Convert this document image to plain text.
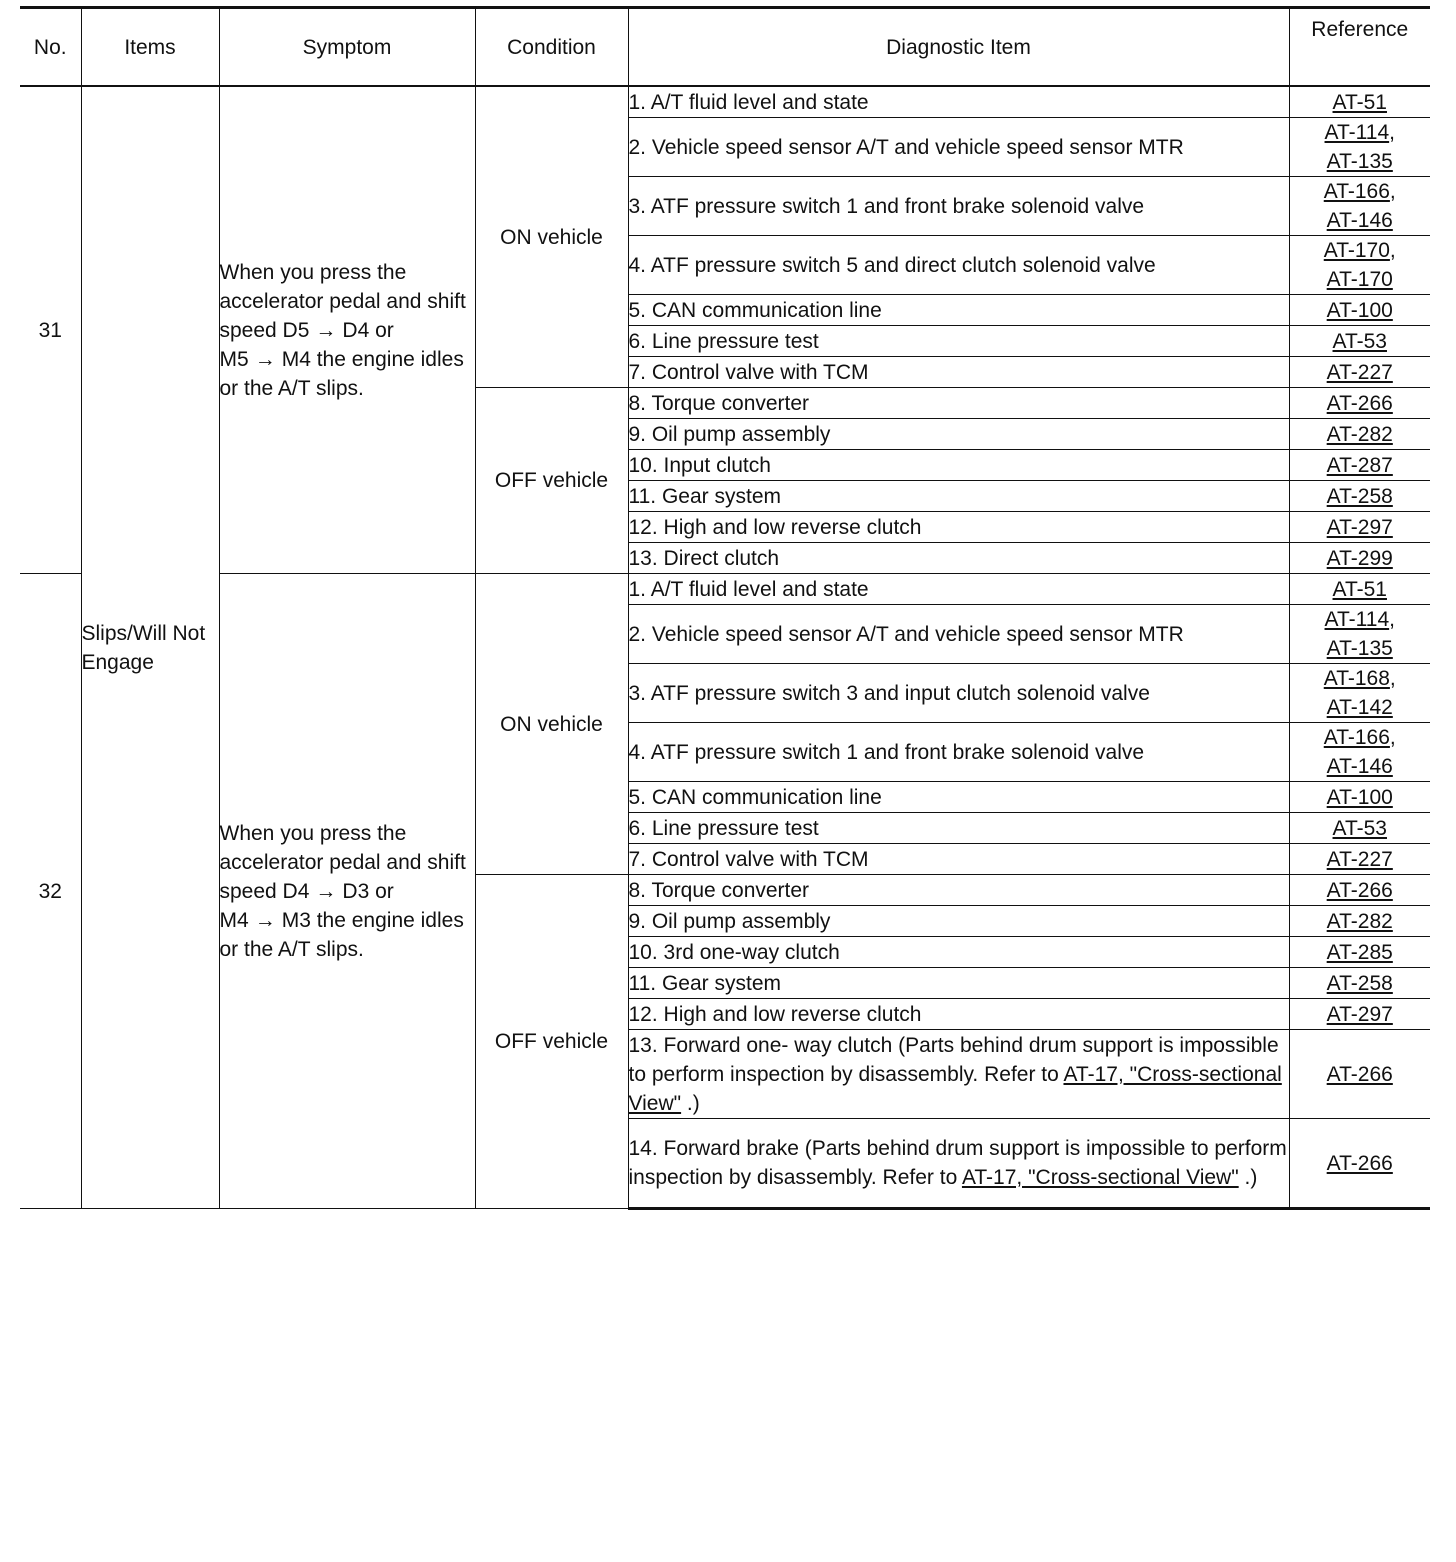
No.	Items	Symptom	Condition	Diagnostic Item	Reference
31	Slips/Will Not Engage	When you press the accelerator pedal and shift speed D5 → D4 or M5 → M4 the engine idles or the A/T slips.	ON vehicle	1. A/T fluid level and state	AT-51
				2. Vehicle speed sensor A/T and vehicle speed sensor MTR	AT-114,
AT-135
				3. ATF pressure switch 1 and front brake solenoid valve	AT-166,
AT-146
				4. ATF pressure switch 5 and direct clutch solenoid valve	AT-170,
AT-170
				5. CAN communication line	AT-100
				6. Line pressure test	AT-53
				7. Control valve with TCM	AT-227
			OFF vehicle	8. Torque converter	AT-266
				9. Oil pump assembly	AT-282
				10. Input clutch	AT-287
				11. Gear system	AT-258
				12. High and low reverse clutch	AT-297
				13. Direct clutch	AT-299
32		When you press the accelerator pedal and shift speed D4 → D3 or M4 → M3 the engine idles or the A/T slips.	ON vehicle	1. A/T fluid level and state	AT-51
				2. Vehicle speed sensor A/T and vehicle speed sensor MTR	AT-114,
AT-135
				3. ATF pressure switch 3 and input clutch solenoid valve	AT-168,
AT-142
				4. ATF pressure switch 1 and front brake solenoid valve	AT-166,
AT-146
				5. CAN communication line	AT-100
				6. Line pressure test	AT-53
				7. Control valve with TCM	AT-227
			OFF vehicle	8. Torque converter	AT-266
				9. Oil pump assembly	AT-282
				10. 3rd one-way clutch	AT-285
				11. Gear system	AT-258
				12. High and low reverse clutch	AT-297
				13. Forward one- way clutch (Parts behind drum support is impossible to perform inspection by disassembly. Refer to AT-17, "Cross-sectional View" .)	AT-266
				14. Forward brake (Parts behind drum support is impossible to perform inspection by disassembly. Refer to AT-17, "Cross-sectional View" .)	AT-266
